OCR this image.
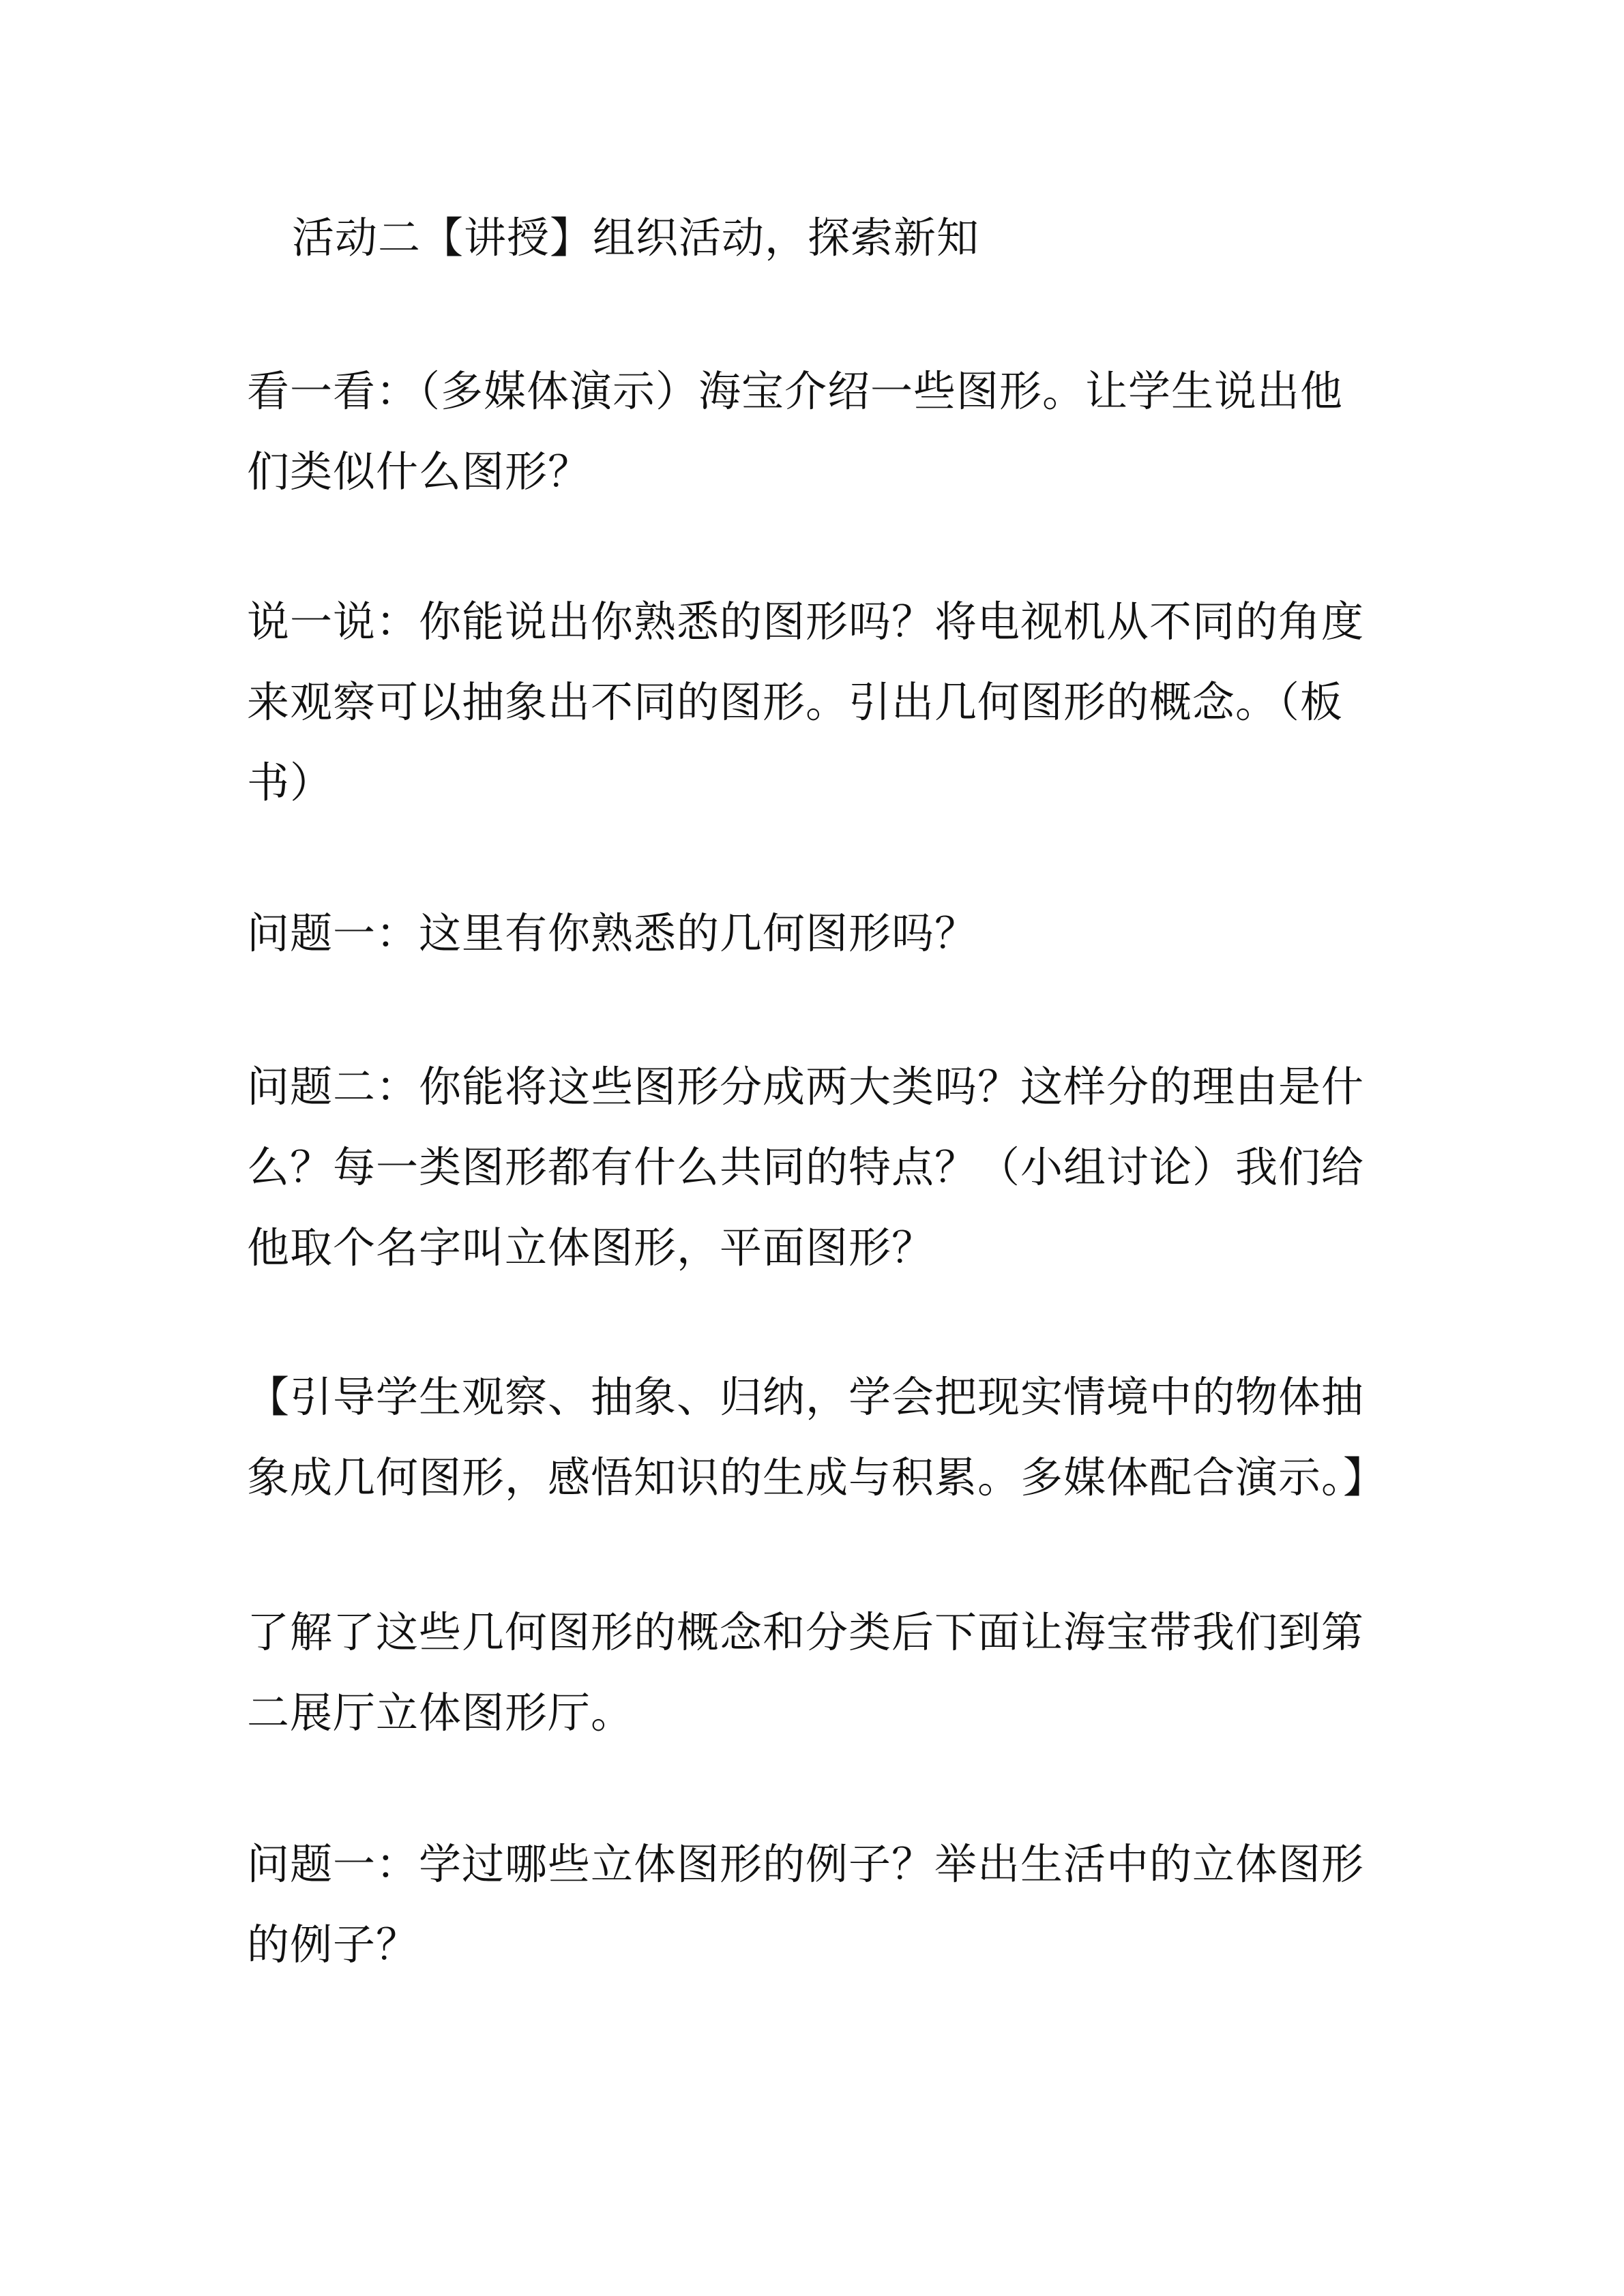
活动二【讲授】组织活动，探索新知
看一看：（多媒体演示）海宝介绍一些图形。让学生说出他们类似什么图形？
说一说：你能说出你熟悉的图形吗？将电视机从不同的角度来观察可以抽象出不同的图形。引出几何图形的概念。（板书）
问题一：这里有你熟悉的几何图形吗？
问题二：你能将这些图形分成两大类吗？这样分的理由是什么？每一类图形都有什么共同的特点？（小组讨论）我们给他取个名字叫立体图形，平面图形？
【引导学生观察、抽象、归纳，学会把现实情境中的物体抽象成几何图形，感悟知识的生成与积累。多媒体配合演示。】
了解了这些几何图形的概念和分类后下面让海宝带我们到第二展厅立体图形厅。
问题一：学过哪些立体图形的例子？举出生活中的立体图形的例子？
